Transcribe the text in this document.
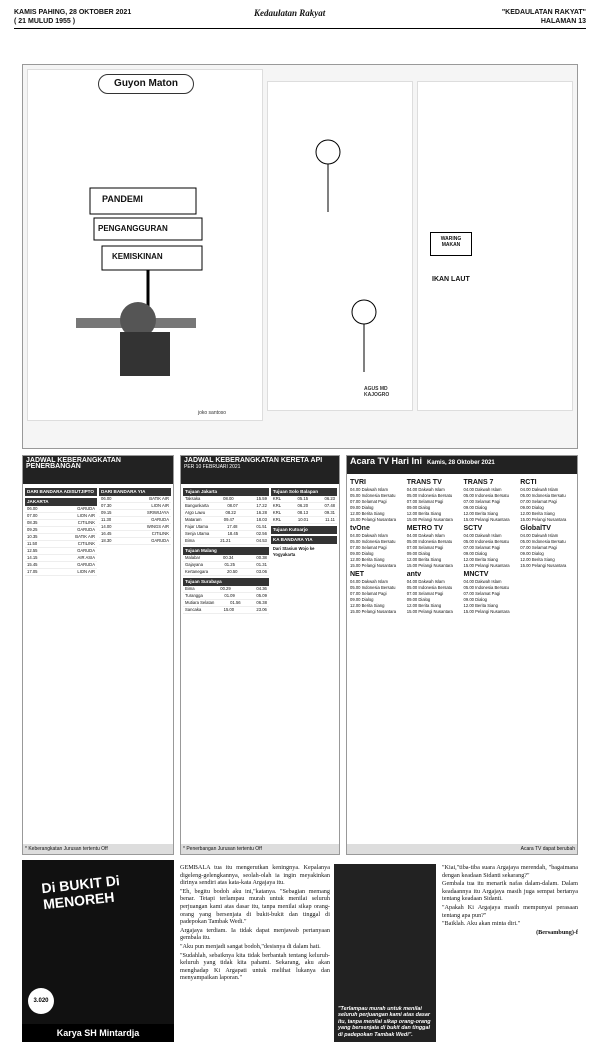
KAMIS PAHING, 28 OKTOBER 2021
( 21 MULUD 1955 )
Kedaulatan Rakyat	"KEDAULATAN RAKYAT"
HALAMAN 13
Guyon Maton
PANDEMI
PENGANGGURAN
KEMISKINAN
joko santoso
AGUS MD KAJOGRO
WARING MAKAN
IKAN LAUT
JADWAL KEBERANGKATAN PENERBANGAN
DARI BANDARA ADISUTJIPTO
JAKARTA
06.00	GARUDA
07.00	LION AIR
08.35	CITILINK
09.25	GARUDA
10.35	BATIK AIR
11.50	CITILINK
12.55	GARUDA
14.15	AIR ASIA
15.45	GARUDA
17.05	LION AIR
DARI BANDARA YIA
06.00	BATIK AIR
07.30	LION AIR
09.15	SRIWIJAYA
11.30	GARUDA
14.00	WINGS AIR
16.45	CITILINK
18.30	GARUDA
* Keberangkatan Jurusan tertentu Off
JADWAL KEBERANGKATAN KERETA API
PER 10 FEBRUARI 2021
Tujuan Jakarta
Taksaka	08.00	15.59
Bangunkarta	08.07	17.22
Argo Lawu	08.22	16.28
Mataram	09.47	18.03
Fajar Utama	17.48	01.51
Senja Utama	18.45	02.56
Bima	21.21	04.53
Tujuan Malang
Malabar	00.34	00.38
Gajayana	01.25	01.31
Kertanegara	20.50	03.06
Tujuan Surabaya
Bima	00.29	04.36
Turangga	01.09	05.09
Mutiara Selatan	01.56	06.38
Sancaka	15.00	23.06
Tujuan Solo Balapan
KRL	05.15	06.23
KRL	06.20	07.48
KRL	08.13	09.31
KRL	10.01	11.11
Tujuan Kutoarjo
KA BANDARA YIA
Dari Stasiun Wojo ke Yogyakarta
* Penerbangan Jurusan tertentu Off
Acara TV Hari Ini Kamis, 28 Oktober 2021
TVRI
04.00 Dakwah Islam
05.00 Indonesia Bersatu
07.00 Selamat Pagi
09.00 Dialog
12.00 Berita Siang
15.00 Pelangi Nusantara
tvOne
04.00 Dakwah Islam
05.00 Indonesia Bersatu
07.00 Selamat Pagi
09.00 Dialog
12.00 Berita Siang
15.00 Pelangi Nusantara
NET
04.00 Dakwah Islam
05.00 Indonesia Bersatu
07.00 Selamat Pagi
09.00 Dialog
12.00 Berita Siang
15.00 Pelangi Nusantara
TRANS TV
04.00 Dakwah Islam
05.00 Indonesia Bersatu
07.00 Selamat Pagi
09.00 Dialog
12.00 Berita Siang
15.00 Pelangi Nusantara
METRO TV
04.00 Dakwah Islam
05.00 Indonesia Bersatu
07.00 Selamat Pagi
09.00 Dialog
12.00 Berita Siang
15.00 Pelangi Nusantara
antv
04.00 Dakwah Islam
05.00 Indonesia Bersatu
07.00 Selamat Pagi
09.00 Dialog
12.00 Berita Siang
15.00 Pelangi Nusantara
TRANS 7
04.00 Dakwah Islam
05.00 Indonesia Bersatu
07.00 Selamat Pagi
09.00 Dialog
12.00 Berita Siang
15.00 Pelangi Nusantara
SCTV
04.00 Dakwah Islam
05.00 Indonesia Bersatu
07.00 Selamat Pagi
09.00 Dialog
12.00 Berita Siang
15.00 Pelangi Nusantara
MNCTV
04.00 Dakwah Islam
05.00 Indonesia Bersatu
07.00 Selamat Pagi
09.00 Dialog
12.00 Berita Siang
15.00 Pelangi Nusantara
RCTI
04.00 Dakwah Islam
05.00 Indonesia Bersatu
07.00 Selamat Pagi
09.00 Dialog
12.00 Berita Siang
15.00 Pelangi Nusantara
GlobalTV
04.00 Dakwah Islam
05.00 Indonesia Bersatu
07.00 Selamat Pagi
09.00 Dialog
12.00 Berita Siang
15.00 Pelangi Nusantara
Acara TV dapat berubah
Di BUKIT Di MENOREH
3.020
Karya SH Mintardja

GEMBALA tua itu mengerutkan keningnya. Kepalanya digeleng-gelengkannya, seolah-olah ia ingin meyakinkan dirinya sendiri atas kata-kata Argajaya itu.

"Eh, begitu bodoh aku ini,"katanya. "Sebagian memang benar. Tetapi terlampau murah untuk menilai seluruh perjuangan kami atas dasar itu, tanpa menilai sikap orang-orang yang bersenjata di bukit-bukit dan tinggal di padepokan Tambak Wedi."

Argajaya terdiam. Ia tidak dapat menjawab pertanyaan gembala itu.

"Aku pun menjadi sangat bodoh,"desisnya di dalam hati.

"Sudahlah, sebaiknya kita tidak berbantah tentang keluruh-keluruh yang tidak kita pahami. Sekarang, aku akan menghadap Ki Argapati untuk melihat lukanya dan menyampaikan laporan."

"Terlampau murah untuk menilai seluruh perjuangan kami atas dasar itu, tanpa menilai sikap orang-orang yang bersenjata di bukit dan tinggal di padepokan Tambak Wedi".

"Kiai,"tiba-tiba suara Argajaya merendah, "bagaimana dengan keadaan Sidanti sekarang?"

Gembala tua itu menarik nafas dalam-dalam. Dalam keadaannya itu Argajaya masih juga sempat bertanya tentang keadaan Sidanti.

"Apakah Ki Argajaya masih mempunyai perasaan tentang apa pun?"

"Baiklah. Aku akan minta diri."

(Bersambung)-f
